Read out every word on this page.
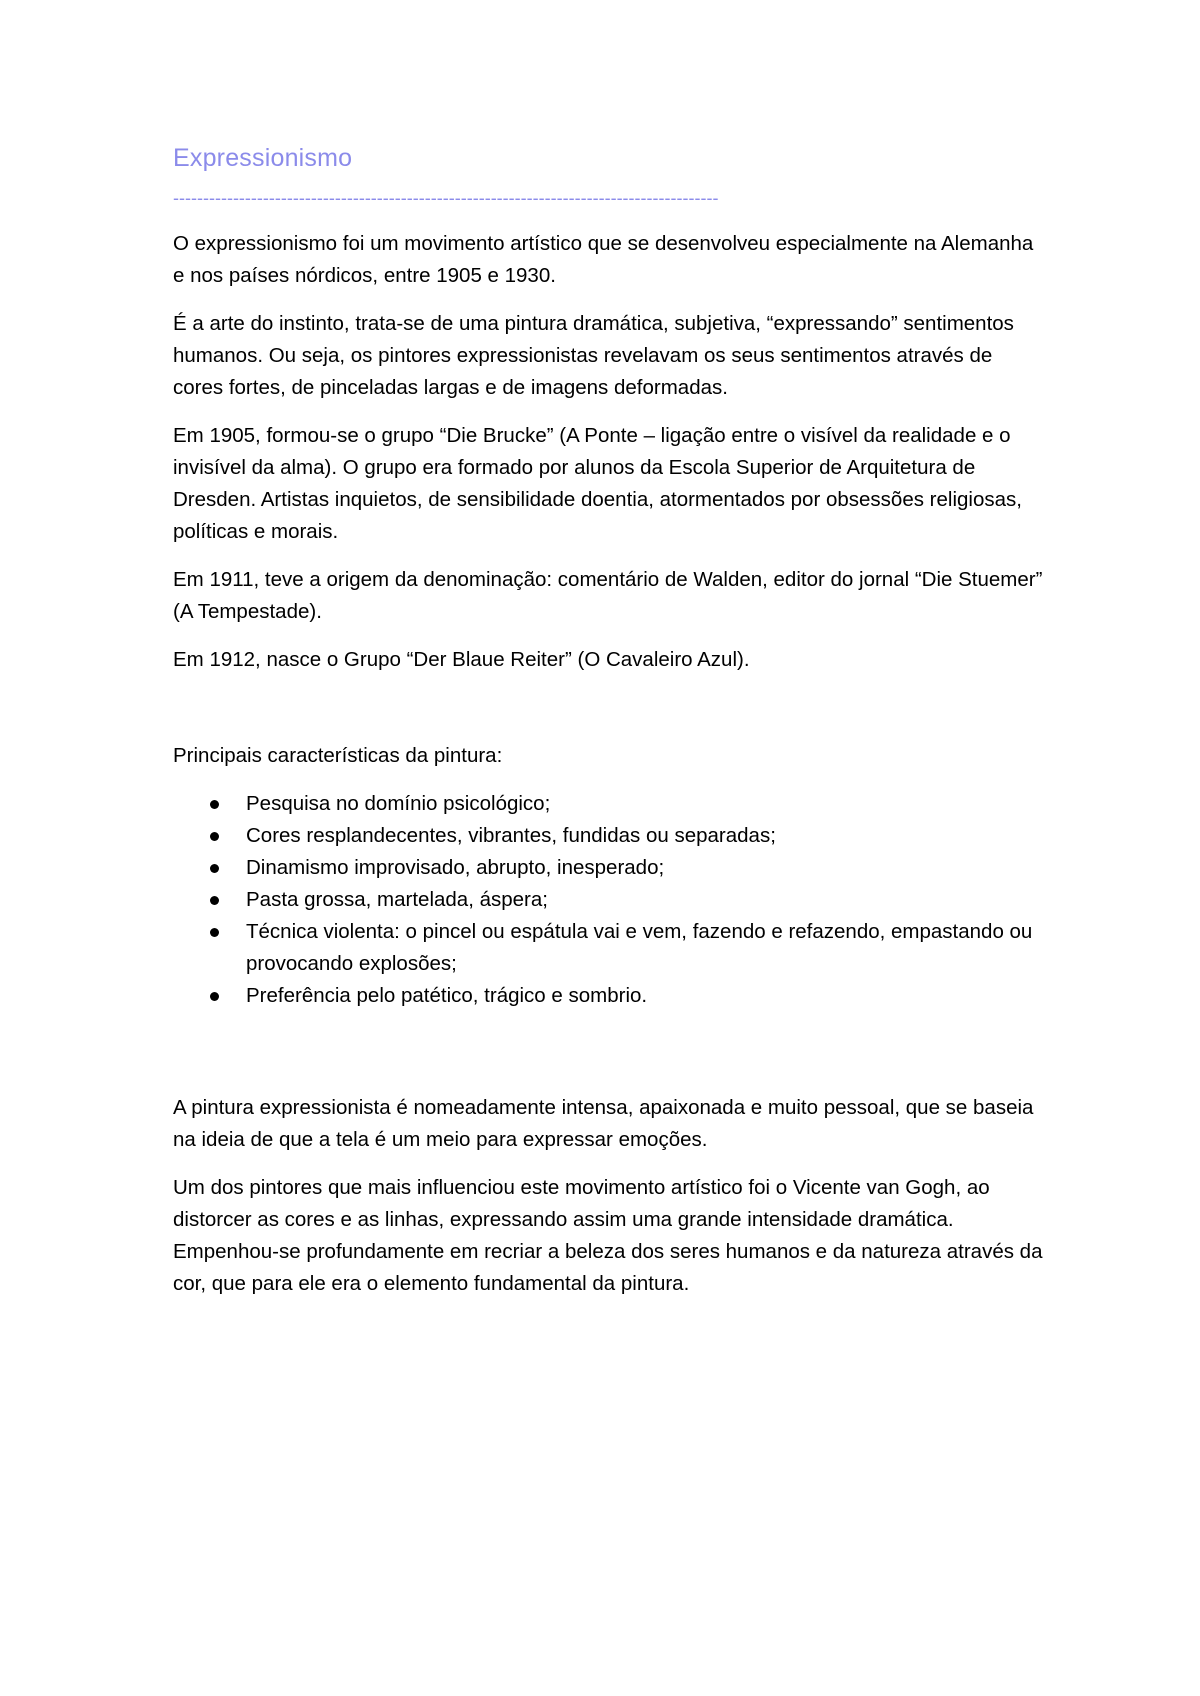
Expressionismo
-------------------------------------------------------------------------------------------

O expressionismo foi um movimento artístico que se desenvolveu especialmente na Alemanha e nos países nórdicos, entre 1905 e 1930.

É a arte do instinto, trata-se de uma pintura dramática, subjetiva, “expressando” sentimentos humanos. Ou seja, os pintores expressionistas revelavam os seus sentimentos através de cores fortes, de pinceladas largas e de imagens deformadas.

Em 1905, formou-se o grupo “Die Brucke” (A Ponte – ligação entre o visível da realidade e o invisível da alma). O grupo era formado por alunos da Escola Superior de Arquitetura de Dresden. Artistas inquietos, de sensibilidade doentia, atormentados por obsessões religiosas, políticas e morais.

Em 1911, teve a origem da denominação: comentário de Walden, editor do jornal “Die Stuemer” (A Tempestade).

Em 1912, nasce o Grupo “Der Blaue Reiter” (O Cavaleiro Azul).

Principais características da pintura:

Pesquisa no domínio psicológico;
Cores resplandecentes, vibrantes, fundidas ou separadas;
Dinamismo improvisado, abrupto, inesperado;
Pasta grossa, martelada, áspera;
Técnica violenta: o pincel ou espátula vai e vem, fazendo e refazendo, empastando ou provocando explosões;
Preferência pelo patético, trágico e sombrio.

A pintura expressionista é nomeadamente intensa, apaixonada e muito pessoal, que se baseia na ideia de que a tela é um meio para expressar emoções.

Um dos pintores que mais influenciou este movimento artístico foi o Vicente van Gogh, ao distorcer as cores e as linhas, expressando assim uma grande intensidade dramática. Empenhou-se profundamente em recriar a beleza dos seres humanos e da natureza através da cor, que para ele era o elemento fundamental da pintura.
